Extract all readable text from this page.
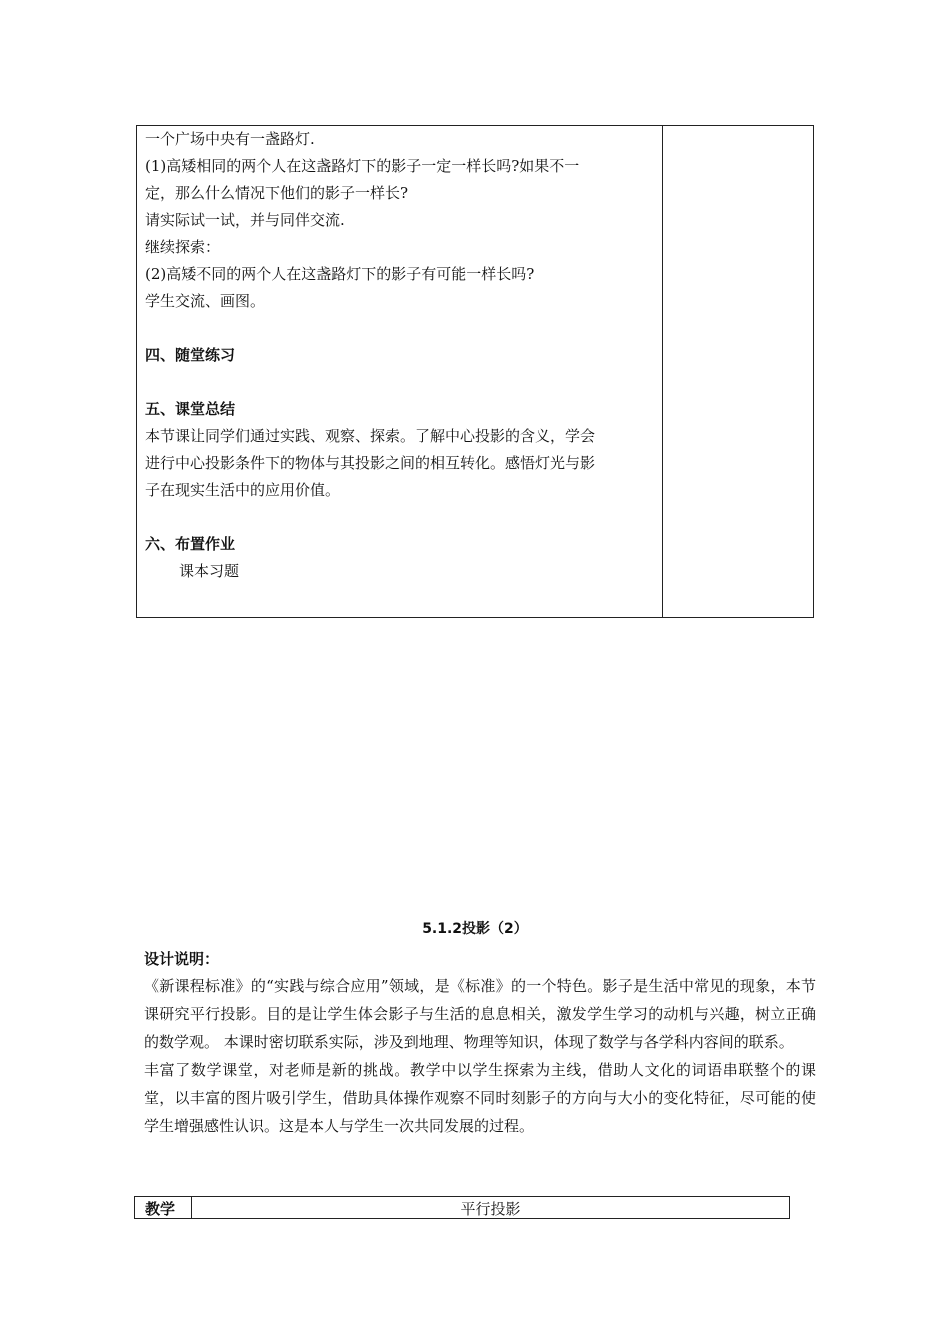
一个广场中央有一盏路灯.
(1)高矮相同的两个人在这盏路灯下的影子一定一样长吗?如果不一
定，那么什么情况下他们的影子一样长?
请实际试一试，并与同伴交流.
继续探索：
(2)高矮不同的两个人在这盏路灯下的影子有可能一样长吗?
学生交流、画图。
四、随堂练习
五、课堂总结
本节课让同学们通过实践、观察、探索。了解中心投影的含义，学会
进行中心投影条件下的物体与其投影之间的相互转化。感悟灯光与影
子在现实生活中的应用价值。
六、布置作业
课本习题
5.1.2投影（2）
设计说明：

《新课程标准》的“实践与综合应用”领域，是《标准》的一个特色。影子是生活中常见的现象，本节课研究平行投影。目的是让学生体会影子与生活的息息相关，激发学生学习的动机与兴趣，树立正确的数学观。 本课时密切联系实际，涉及到地理、物理等知识，体现了数学与各学科内容间的联系。

丰富了数学课堂，对老师是新的挑战。教学中以学生探索为主线，借助人文化的词语串联整个的课堂，以丰富的图片吸引学生，借助具体操作观察不同时刻影子的方向与大小的变化特征，尽可能的使学生增强感性认识。这是本人与学生一次共同发展的过程。

教学	平行投影
